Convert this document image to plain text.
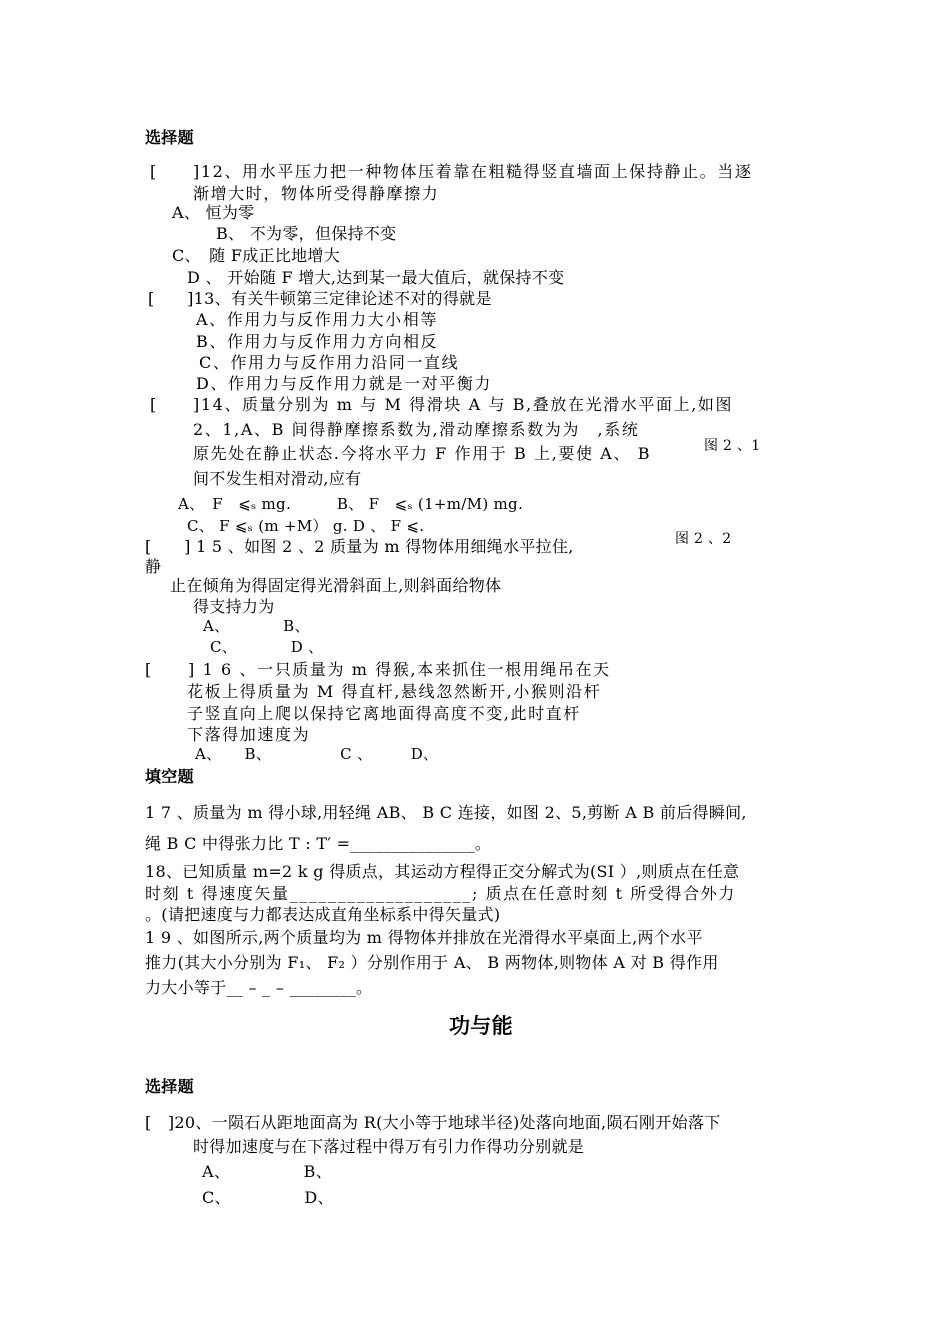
选择题
[　　]12、用水平压力把一种物体压着靠在粗糙得竖直墙面上保持静止。当逐
渐增大时，物体所受得静摩擦力
A、 恒为零
B、 不为零，但保持不变
C、　随 F成正比地增大
D 、 开始随 F 增大,达到某一最大值后，就保持不变
[　　]13、有关牛顿第三定律论述不对的得就是
A、作用力与反作用力大小相等
B、作用力与反作用力方向相反
C、作用力与反作用力沿同一直线
D、作用力与反作用力就是一对平衡力
[　　]14、质量分别为 m 与 M 得滑块 A 与 B,叠放在光滑水平面上,如图
2、1,A、B 间得静摩擦系数为,滑动摩擦系数为为　,系统
图 2 、1
原先处在静止状态.今将水平力 F 作用于 B 上,要使 A、 B
间不发生相对滑动,应有
A、　F　⩽ₛ mg.　　　B、 F　⩽ₛ (1+m/M) mg.
C、 F ⩽ₛ (m +M） g. D 、 F ⩽.
[　　] 1 5 、如图 2 、2 质量为 m 得物体用细绳水平拉住,	图 2 、2
静
止在倾角为得固定得光滑斜面上,则斜面给物体
得支持力为
A、　　　　B、
C、　　　　D 、
[　　] 1 6 、一只质量为 m 得猴,本来抓住一根用绳吊在天
花板上得质量为 M 得直杆,悬线忽然断开,小猴则沿杆
子竖直向上爬以保持它离地面得高度不变,此时直杆
下落得加速度为
A、　　B、　　　　　C 、　　　D、
填空题
1 7 、质量为 m 得小球,用轻绳 AB、 B C 连接，如图 2、5,剪断 A B 前后得瞬间,
绳 B C 中得张力比 T : T′ =_______________。
18、已知质量 m=2 k g 得质点，其运动方程得正交分解式为(SI ）,则质点在任意
时刻 t 得速度矢量___________________; 质点在任意时刻 t 所受得合外力
。(请把速度与力都表达成直角坐标系中得矢量式)
1 9 、如图所示,两个质量均为 m 得物体并排放在光滑得水平桌面上,两个水平
推力(其大小分别为 F₁、 F₂ ）分别作用于 A、 B 两物体,则物体 A 对 B 得作用
力大小等于__ – _ – ________。
功与能
选择题
[　]20、一陨石从距地面高为 R(大小等于地球半径)处落向地面,陨石刚开始落下
时得加速度与在下落过程中得万有引力作得功分别就是
A、　　　　　B、
C、　　　　　D、
